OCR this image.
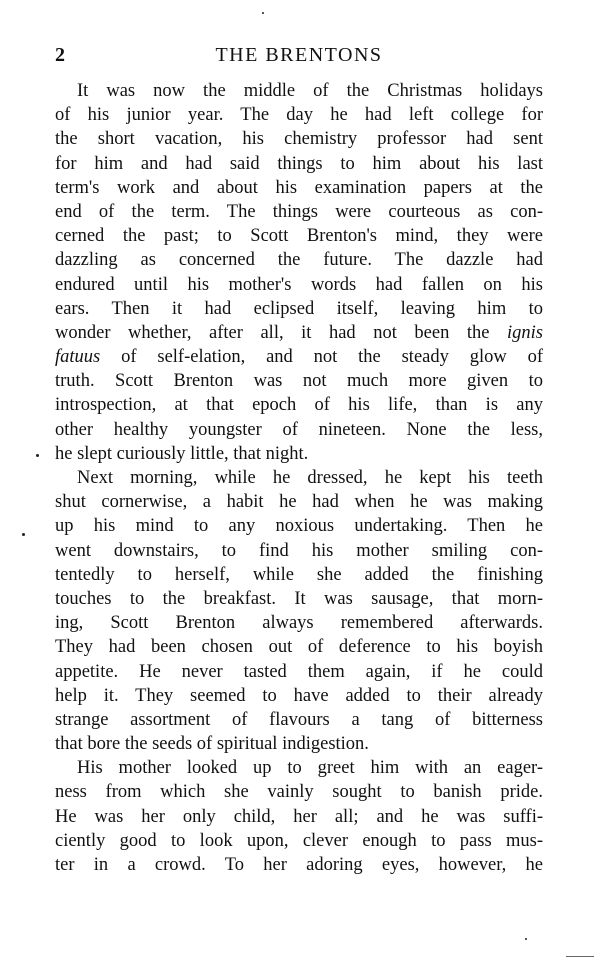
2	THE BRENTONS
It was now the middle of the Christmas holidays
of his junior year. The day he had left college for
the short vacation, his chemistry professor had sent
for him and had said things to him about his last
term's work and about his examination papers at the
end of the term. The things were courteous as con-
cerned the past; to Scott Brenton's mind, they were
dazzling as concerned the future. The dazzle had
endured until his mother's words had fallen on his
ears. Then it had eclipsed itself, leaving him to
wonder whether, after all, it had not been the ignis
fatuus of self-elation, and not the steady glow of
truth. Scott Brenton was not much more given to
introspection, at that epoch of his life, than is any
other healthy youngster of nineteen. None the less,
he slept curiously little, that night.
Next morning, while he dressed, he kept his teeth
shut cornerwise, a habit he had when he was making
up his mind to any noxious undertaking. Then he
went downstairs, to find his mother smiling con-
tentedly to herself, while she added the finishing
touches to the breakfast. It was sausage, that morn-
ing, Scott Brenton always remembered afterwards.
They had been chosen out of deference to his boyish
appetite. He never tasted them again, if he could
help it. They seemed to have added to their already
strange assortment of flavours a tang of bitterness
that bore the seeds of spiritual indigestion.
His mother looked up to greet him with an eager-
ness from which she vainly sought to banish pride.
He was her only child, her all; and he was suffi-
ciently good to look upon, clever enough to pass mus-
ter in a crowd. To her adoring eyes, however, he
